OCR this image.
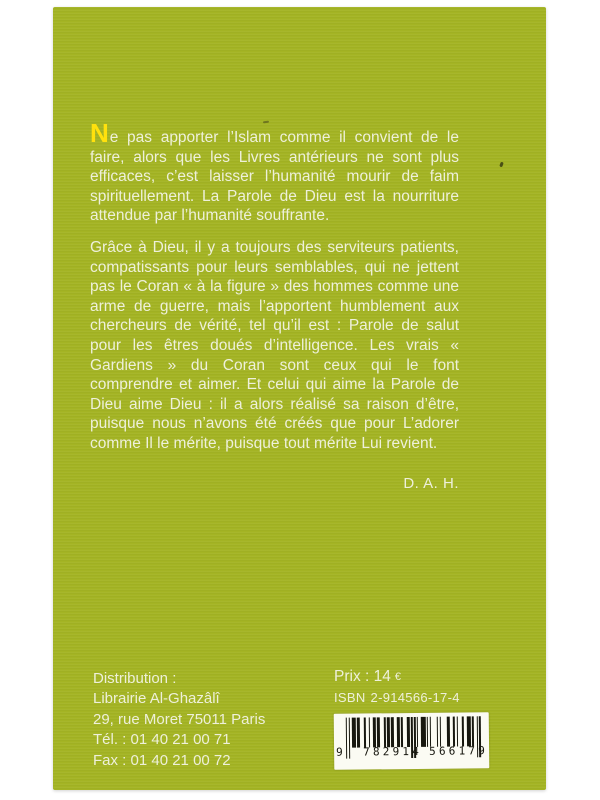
Ne pas apporter l’Islam comme il convient de le faire, alors que les Livres antérieurs ne sont plus efficaces, c’est laisser l’humanité mourir de faim spirituellement. La Parole de Dieu est la nourriture attendue par l’humanité souffrante.

Grâce à Dieu, il y a toujours des serviteurs patients, compatissants pour leurs semblables, qui ne jettent pas le Coran « à la figure » des hommes comme une arme de guerre, mais l’apportent humblement aux chercheurs de vérité, tel qu’il est : Parole de salut pour les êtres doués d’intelligence. Les vrais « Gardiens » du Coran sont ceux qui le font comprendre et aimer. Et celui qui aime la Parole de Dieu aime Dieu : il a alors réalisé sa raison d’être, puisque nous n’avons été créés que pour L’adorer comme Il le mérite, puisque tout mérite Lui revient.

D. A. H.
Distribution :
Librairie Al-Ghazâlî
29, rue Moret 75011 Paris
Tél. : 01 40 21 00 71
Fax : 01 40 21 00 72
Prix : 14 €
ISBN 2-914566-17-4
9 782914 566179
